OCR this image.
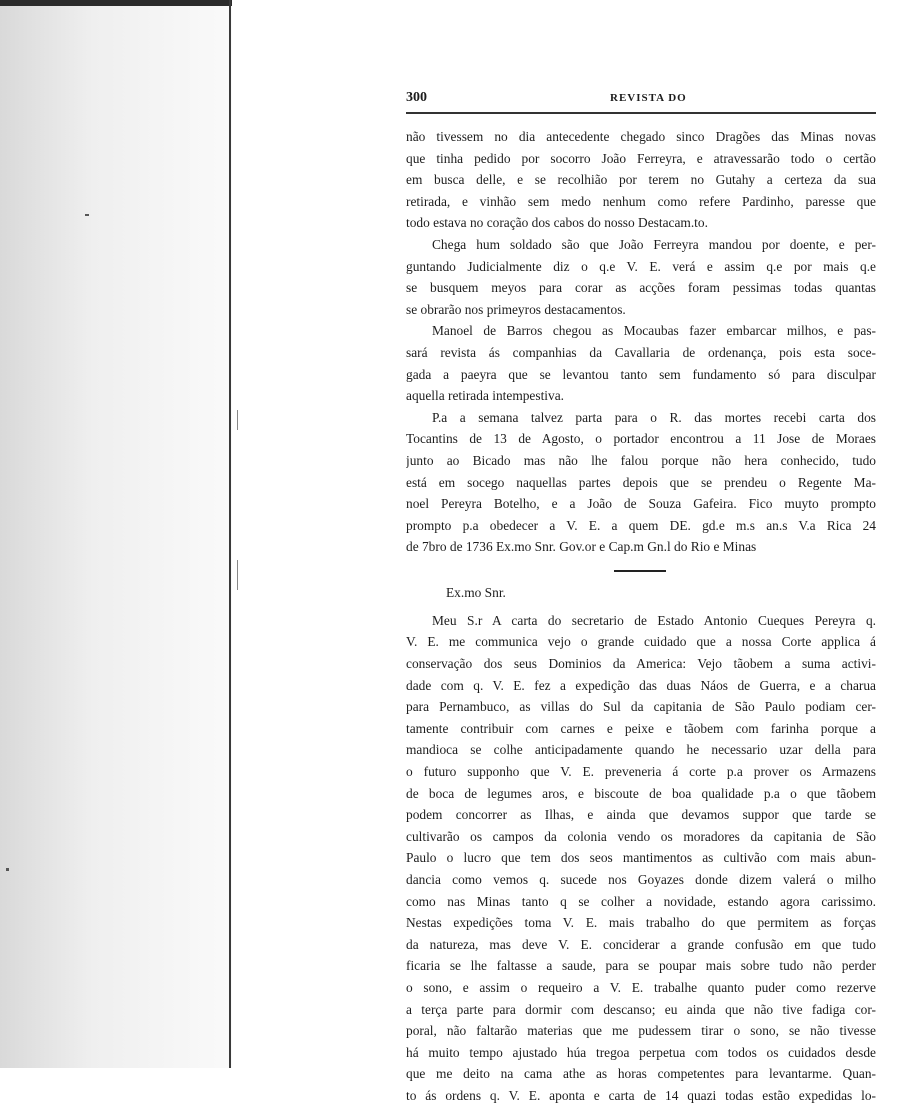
300	REVISTA DO
não tivessem no dia antecedente chegado sinco Dragões das Minas novas
que tinha pedido por socorro João Ferreyra, e atravessarão todo o certão
em busca delle, e se recolhião por terem no Gutahy a certeza da sua
retirada, e vinhão sem medo nenhum como refere Pardinho, paresse que
todo estava no coração dos cabos do nosso Destacam.to.
Chega hum soldado são que João Ferreyra mandou por doente, e per-
guntando Judicialmente diz o q.e V. E. verá e assim q.e por mais q.e
se busquem meyos para corar as acções foram pessimas todas quantas
se obrarão nos primeyros destacamentos.
Manoel de Barros chegou as Mocaubas fazer embarcar milhos, e pas-
sará revista ás companhias da Cavallaria de ordenança, pois esta soce-
gada a paeyra que se levantou tanto sem fundamento só para disculpar
aquella retirada intempestiva.
P.a a semana talvez parta para o R. das mortes recebi carta dos
Tocantins de 13 de Agosto, o portador encontrou a 11 Jose de Moraes
junto ao Bicado mas não lhe falou porque não hera conhecido, tudo
está em socego naquellas partes depois que se prendeu o Regente Ma-
noel Pereyra Botelho, e a João de Souza Gafeira. Fico muyto prompto
prompto p.a obedecer a V. E. a quem DE. gd.e m.s an.s V.a Rica 24
de 7bro de 1736 Ex.mo Snr. Gov.or e Cap.m Gn.l do Rio e Minas
Ex.mo Snr.
Meu S.r A carta do secretario de Estado Antonio Cueques Pereyra q.
V. E. me communica vejo o grande cuidado que a nossa Corte applica á
conservação dos seus Dominios da America: Vejo tãobem a suma activi-
dade com q. V. E. fez a expedição das duas Náos de Guerra, e a charua
para Pernambuco, as villas do Sul da capitania de São Paulo podiam cer-
tamente contribuir com carnes e peixe e tãobem com farinha porque a
mandioca se colhe anticipadamente quando he necessario uzar della para
o futuro supponho que V. E. preveneria á corte p.a prover os Armazens
de boca de legumes aros, e biscoute de boa qualidade p.a o que tãobem
podem concorrer as Ilhas, e ainda que devamos suppor que tarde se
cultivarão os campos da colonia vendo os moradores da capitania de São
Paulo o lucro que tem dos seos mantimentos as cultivão com mais abun-
dancia como vemos q. sucede nos Goyazes donde dizem valerá o milho
como nas Minas tanto q se colher a novidade, estando agora carissimo.
Nestas expedições toma V. E. mais trabalho do que permitem as forças
da natureza, mas deve V. E. conciderar a grande confusão em que tudo
ficaria se lhe faltasse a saude, para se poupar mais sobre tudo não perder
o sono, e assim o requeiro a V. E. trabalhe quanto puder como rezerve
a terça parte para dormir com descanso; eu ainda que não tive fadiga cor-
poral, não faltarão materias que me pudessem tirar o sono, se não tivesse
há muito tempo ajustado húa tregoa perpetua com todos os cuidados desde
que me deito na cama athe as horas competentes para levantarme. Quan-
to ás ordens q. V. E. aponta e carta de 14 quazi todas estão expedidas lo-
